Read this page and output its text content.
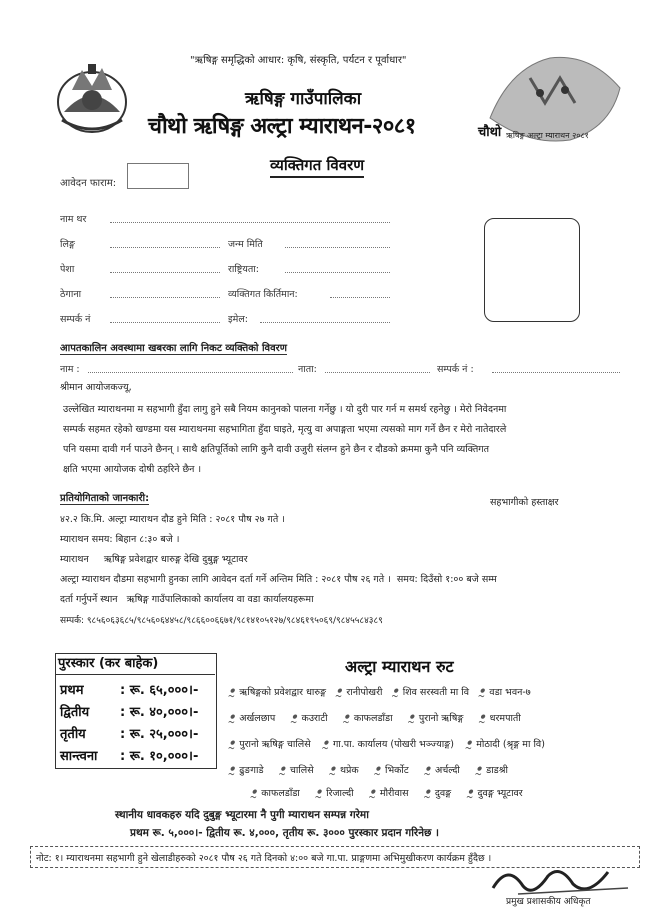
"ऋषिङ्ग समृद्धिको आधार: कृषि, संस्कृति, पर्यटन र पूर्वाधार"
ऋषिङ्ग गाउँपालिका
चौथो ऋषिङ्ग अल्ट्रा म्याराथन-२०८१	चौथो ऋषिङ्ग अल्ट्रा म्याराथन २०८१
व्यक्तिगत विवरण
आवेदन फाराम:
नाम थर
लिङ्ग	जन्म मिति
पेशा	राष्ट्रियता:
ठेगाना	व्यक्तिगत किर्तिमान:
सम्पर्क नं	इमेल:
आपतकालिन अवस्थामा खबरका लागि निकट व्यक्तिको विवरण
नाम :	नाता:	सम्पर्क नं :
श्रीमान आयोजकज्यू,
उल्लेखित म्याराथनमा म सहभागी हुँदा लागु हुने सबै नियम कानुनको पालना गर्नेछु । यो दुरी पार गर्न म समर्थ रहनेछु । मेरो निवेदनमा
सम्पर्क सहमत रहेको खण्डमा यस म्याराथनमा सहभागिता हुँदा घाइते, मृत्यु वा अपाङ्गता भएमा त्यसको माग गर्ने छैन र मेरो नातेदारले
पनि यसमा दावी गर्न पाउने छैनन् । साथै क्षतिपूर्तिको लागि कुनै दावी उजुरी संलग्न हुने छैन र दौडको क्रममा कुनै पनि व्यक्तिगत
क्षति भएमा आयोजक दोषी ठहरिने छैन ।
प्रतियोगिताको जानकारी:	सहभागीको हस्ताक्षर
४२.२ कि.मि. अल्ट्रा म्याराथन दौड हुने मिति : २०८१ पौष २७ गते ।
म्याराथन समय: बिहान ८:३० बजे ।
म्याराथन     ऋषिङ्ग प्रवेशद्वार धारुङ्ग देखि दुबुङ्ग भ्यूटावर
अल्ट्रा म्याराथन दौडमा सहभागी हुनका लागि आवेदन दर्ता गर्ने अन्तिम मिति : २०८१ पौष २६ गते ।  समय: दिउँसो १:०० बजे सम्म
दर्ता गर्नुपर्ने स्थान   ऋषिङ्ग गाउँपालिकाको कार्यालय वा वडा कार्यालयहरूमा
सम्पर्क: ९८५६०६३६८५/९८५६०६४४५८/९८६६००६६७१/९८१४१०५१२७/९८४६१९५०६९/९८४५५८४३८९
पुरस्कार (कर बाहेक)
प्रथम	: रू. ६५,०००।-
द्वितीय : रू. ४०,०००।-
तृतीय	: रू. २५,०००।-
सान्त्वना : रू. १०,०००।-
अल्ट्रा म्याराथन रुट
ꔸ ऋषिङ्गको प्रवेशद्वार धारुङ्ग ꔸ रानीपोखरी ꔸ शिव सरस्वती मा वि ꔸ वडा भवन-७
ꔸ अर्खलछाप ꔸ कउराटी ꔸ काफलडाँडा ꔸ पुरानो ऋषिङ्ग ꔸ धरमपाती
ꔸ पुरानो ऋषिङ्ग चालिसे ꔸ गा.पा. कार्यालय (पोखरी भञ्ज्याङ्ग) ꔸ मोठादी (श्रृङ्ग मा वि)
ꔸ ढुङगाडे ꔸ चालिसे ꔸ थप्रेक ꔸ भिर्कोट ꔸ अर्चल्दी ꔸ डाडश्री
ꔸ काफलडाँडा ꔸ रिजाल्दी ꔸ मौरीवास ꔸ दुवङ्ग ꔸ दुवङ्ग भ्यूटावर
स्थानीय धावकहरु यदि दुबुङ्ग भ्यूटारमा नै पुगी म्याराथन सम्पन्न गरेमा
प्रथम रू. ५,०००।- द्वितीय रू. ४,०००, तृतीय रू. ३००० पुरस्कार प्रदान गरिनेछ ।
नोट: १। म्याराथनमा सहभागी हुने खेलाडीहरुको २०८१ पौष २६ गते दिनको ४:०० बजे गा.पा. प्राङ्गणमा अभिमुखीकरण कार्यक्रम हुँदैछ ।
प्रमुख प्रशासकीय अधिकृत
